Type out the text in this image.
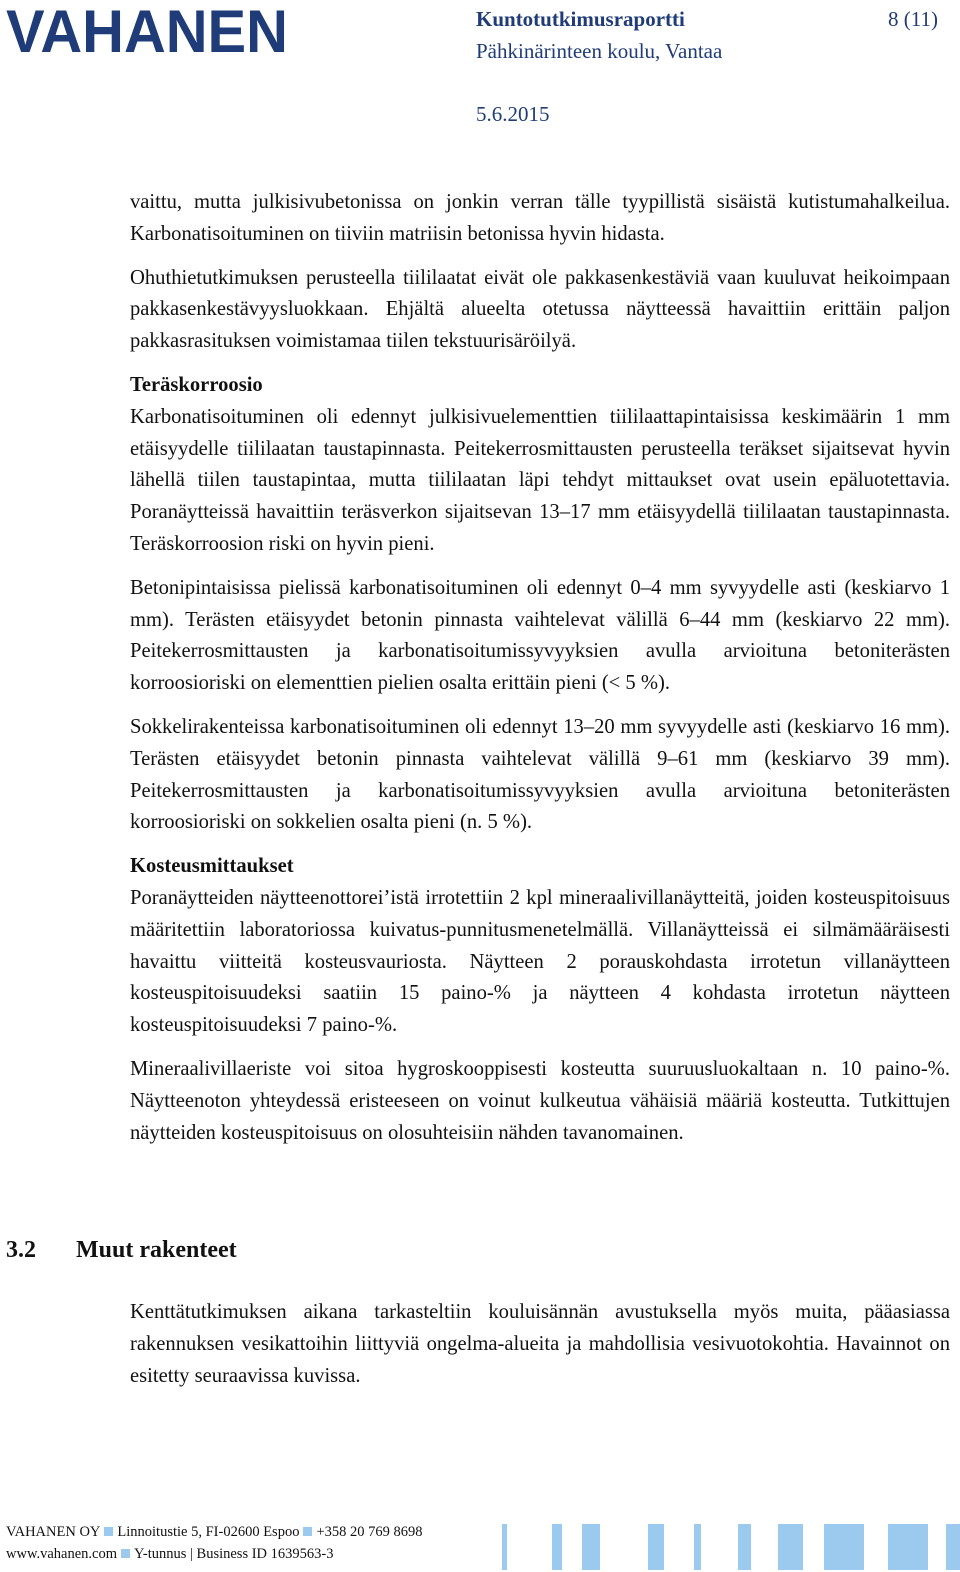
VAHANEN	Kuntotutkimusraportti	8 (11)
Pähkinärinteen koulu, Vantaa
5.6.2015

vaittu, mutta julkisivubetonissa on jonkin verran tälle tyypillistä sisäistä kutistumahalkeilua. Karbonatisoituminen on tiiviin matriisin betonissa hyvin hidasta.

Ohuthietutkimuksen perusteella tiililaatat eivät ole pakkasenkestäviä vaan kuuluvat heikoimpaan pakkasenkestävyysluokkaan. Ehjältä alueelta otetussa näytteessä havaittiin erittäin paljon pakkasrasituksen voimistamaa tiilen tekstuurisäröilyä.

Teräskorroosio

Karbonatisoituminen oli edennyt julkisivuelementtien tiililaattapintaisissa keskimäärin 1 mm etäisyydelle tiililaatan taustapinnasta. Peitekerrosmittausten perusteella teräkset sijaitsevat hyvin lähellä tiilen taustapintaa, mutta tiililaatan läpi tehdyt mittaukset ovat usein epäluotettavia. Poranäytteissä havaittiin teräsverkon sijaitsevan 13–17 mm etäisyydellä tiililaatan taustapinnasta. Teräskorroosion riski on hyvin pieni.

Betonipintaisissa pielissä karbonatisoituminen oli edennyt 0–4 mm syvyydelle asti (keskiarvo 1 mm). Terästen etäisyydet betonin pinnasta vaihtelevat välillä 6–44 mm (keskiarvo 22 mm). Peitekerrosmittausten ja karbonatisoitumissyvyyksien avulla arvioituna betoniterästen korroosioriski on elementtien pielien osalta erittäin pieni (< 5 %).

Sokkelirakenteissa karbonatisoituminen oli edennyt 13–20 mm syvyydelle asti (keskiarvo 16 mm). Terästen etäisyydet betonin pinnasta vaihtelevat välillä 9–61 mm (keskiarvo 39 mm). Peitekerrosmittausten ja karbonatisoitumissyvyyksien avulla arvioituna betoniterästen korroosioriski on sokkelien osalta pieni (n. 5 %).

Kosteusmittaukset

Poranäytteiden näytteenottorei’istä irrotettiin 2 kpl mineraalivillanäytteitä, joiden kosteuspitoisuus määritettiin laboratoriossa kuivatus-punnitusmenetelmällä. Villanäytteissä ei silmämääräisesti havaittu viitteitä kosteusvauriosta. Näytteen 2 porauskohdasta irrotetun villanäytteen kosteuspitoisuudeksi saatiin 15 paino-% ja näytteen 4 kohdasta irrotetun näytteen kosteuspitoisuudeksi 7 paino-%.

Mineraalivillaeriste voi sitoa hygroskooppisesti kosteutta suuruusluokaltaan n. 10 paino-%. Näytteenoton yhteydessä eristeeseen on voinut kulkeutua vähäisiä määriä kosteutta. Tutkittujen näytteiden kosteuspitoisuus on olosuhteisiin nähden tavanomainen.

3.2 Muut rakenteet

Kenttätutkimuksen aikana tarkasteltiin kouluisännän avustuksella myös muita, pääasiassa rakennuksen vesikattoihin liittyviä ongelma-alueita ja mahdollisia vesivuotokohtia. Havainnot on esitetty seuraavissa kuvissa.

VAHANEN OY Linnoitustie 5, FI-02600 Espoo +358 20 769 8698
www.vahanen.com Y-tunnus | Business ID 1639563-3
